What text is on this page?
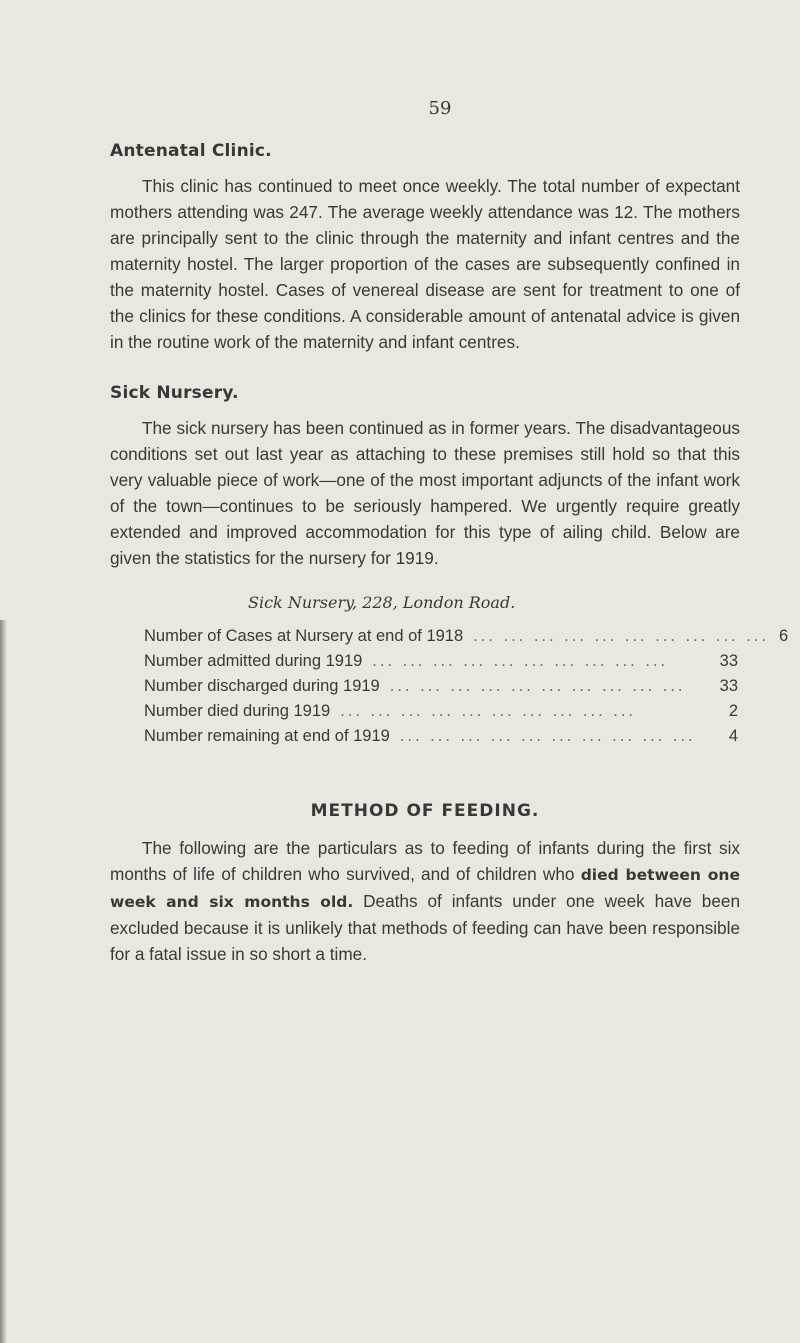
59
Antenatal Clinic.

This clinic has continued to meet once weekly. The total number of expectant mothers attending was 247. The average weekly attendance was 12. The mothers are principally sent to the clinic through the maternity and infant centres and the maternity hostel. The larger proportion of the cases are subsequently confined in the maternity hostel. Cases of venereal disease are sent for treatment to one of the clinics for these conditions. A considerable amount of antenatal advice is given in the routine work of the maternity and infant centres.

Sick Nursery.

The sick nursery has been continued as in former years. The disadvantageous conditions set out last year as attaching to these premises still hold so that this very valuable piece of work—one of the most important adjuncts of the infant work of the town—continues to be seriously hampered. We urgently require greatly extended and improved accommodation for this type of ailing child. Below are given the statistics for the nursery for 1919.

Sick Nursery, 228, London Road.
Number of Cases at Nursery at end of 1918 ... ... ... ... ... ... ... ... ... ... 6
Number admitted during 1919 ... ... ... ... ... ... ... ... ... ...	33
Number discharged during 1919 ... ... ... ... ... ... ... ... ... ...	33
Number died during 1919 ... ... ... ... ... ... ... ... ... ...	2
Number remaining at end of 1919 ... ... ... ... ... ... ... ... ... ...	4
METHOD OF FEEDING.

The following are the particulars as to feeding of infants during the first six months of life of children who survived, and of children who died between one week and six months old. Deaths of infants under one week have been excluded because it is unlikely that methods of feeding can have been responsible for a fatal issue in so short a time.
